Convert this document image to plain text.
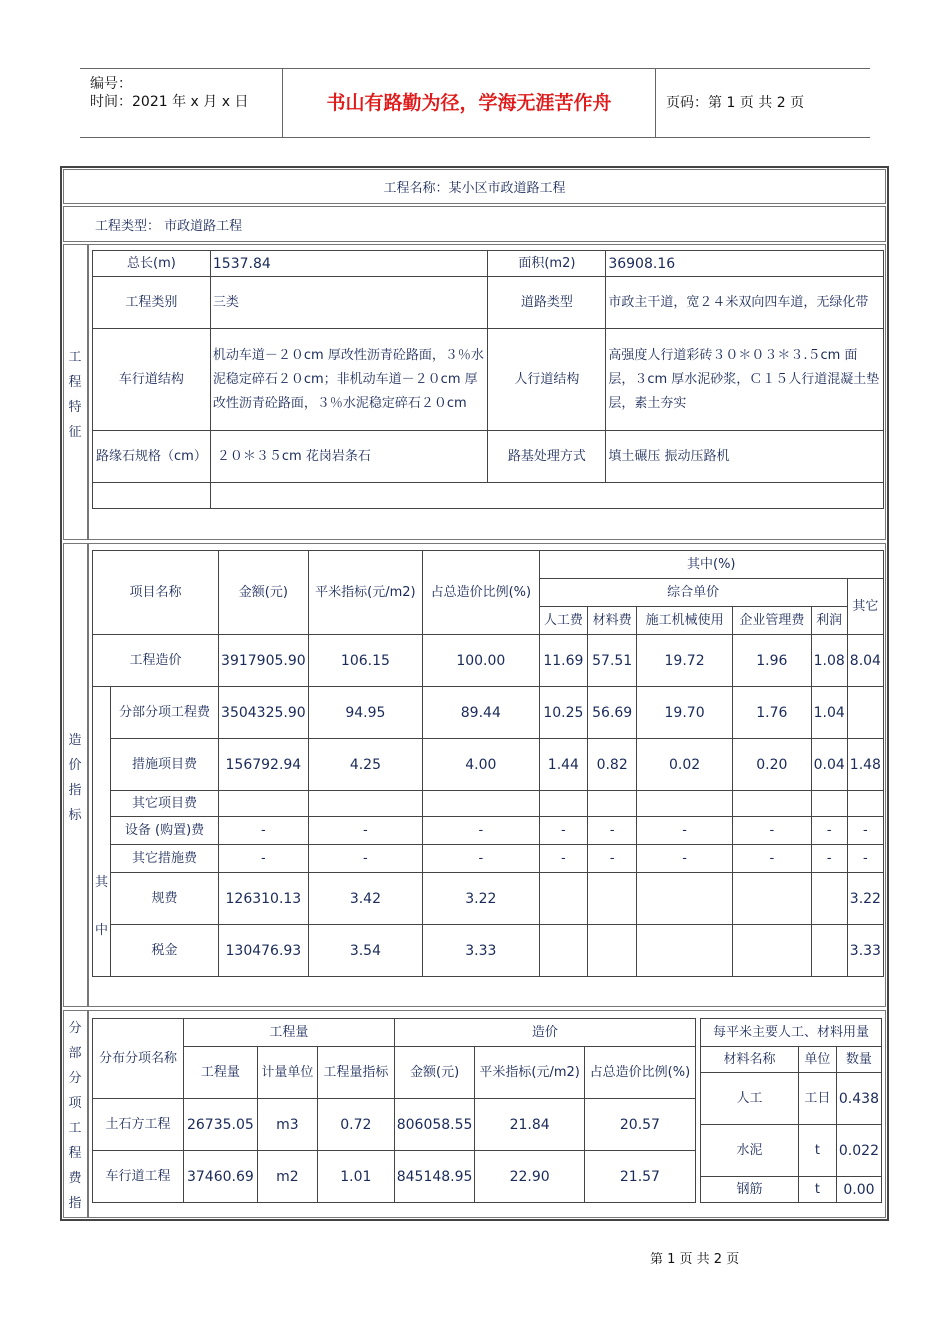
编号：
时间：2021 年 x 月 x 日	书山有路勤为径，学海无涯苦作舟	页码：第 1 页 共 2 页
工程名称：某小区市政道路工程
工程类型： 市政道路工程
工
程
特
征
总长(m)	1537.84	面积(m2)	36908.16
工程类别	三类	道路类型	市政主干道，宽２４米双向四车道，无绿化带
车行道结构	机动车道－２０cm 厚改性沥青砼路面，３％水泥稳定碎石２０cm；非机动车道－２０cm 厚改性沥青砼路面，３％水泥稳定碎石２０cm	人行道结构	高强度人行道彩砖３０＊０３＊３.５cm 面层，３cm 厚水泥砂浆，Ｃ１５人行道混凝土垫层，素土夯实
路缘石规格（cm）	２０＊３５cm 花岗岩条石	路基处理方式	填土碾压 振动压路机

造
价
指
标
项目名称		金额(元)	平米指标(元/m2)	占总造价比例(%)	其中(%)					
					综合单价					其它
					人工费	材料费	施工机械使用	企业管理费	利润	
工程造价		3917905.90	106.15	100.00	11.69	57.51	19.72	1.96	1.08	8.04

其

中	分部分项工程费	3504325.90	94.95	89.44	10.25	56.69	19.70	1.76	1.04	
	措施项目费	156792.94	4.25	4.00	1.44	0.82	0.02	0.20	0.04	1.48
	其它项目费									
	设备 (购置)费	-	-	-	-	-	-	-	-	-
	其它措施费	-	-	-	-	-	-	-	-	-
	规费	126310.13	3.42	3.22						3.22
	税金	130476.93	3.54	3.33						3.33
分
部
分
项
工
程
费
指
分布分项名称	工程量			造价		
	工程量	计量单位	工程量指标	金额(元)	平米指标(元/m2)	占总造价比例(%)
土石方工程	26735.05	m3	0.72	806058.55	21.84	20.57
车行道工程	37460.69	m2	1.01	845148.95	22.90	21.57
每平米主要人工、材料用量		
材料名称	单位	数量
人工	工日	0.438
水泥	t	0.022
钢筋	t	0.00
第 1 页 共 2 页
